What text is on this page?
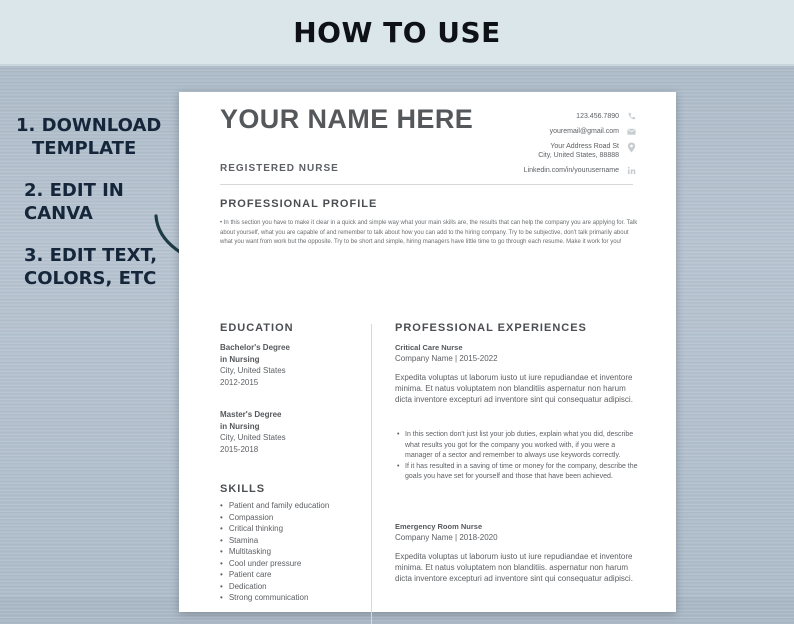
HOW TO USE
1. DOWNLOAD
TEMPLATE
2. EDIT IN
CANVA
3. EDIT TEXT,
COLORS, ETC
YOUR NAME HERE
REGISTERED NURSE
123.456.7890
youremail@gmail.com
Your Address Road St
City, United States, 88888
Linkedin.com/in/yourusername
PROFESSIONAL PROFILE
• In this section you have to make it clear in a quick and simple way what your main skills are, the results that can help the company you are applying for. Talk about yourself, what you are capable of and remember to talk about how you can add to the hiring company. Try to be subjective, don't talk primarily about what you want from work but the opposite. Try to be short and simple, hiring managers have little time to go through each resume. Make it work for you!
EDUCATION
Bachelor's Degree
in Nursing
City, United States
2012-2015
Master's Degree
in Nursing
City, United States
2015-2018
SKILLS
• Patient and family education
• Compassion
• Critical thinking
• Stamina
• Multitasking
• Cool under pressure
• Patient care
• Dedication
• Strong communication
PROFESSIONAL EXPERIENCES
Critical Care Nurse
Company Name | 2015-2022
Expedita voluptas ut laborum iusto ut iure repudiandae et inventore minima. Et natus voluptatem non blanditiis aspernatur non harum dicta inventore excepturi ad inventore sint qui consequatur adipisci.
• In this section don't just list your job duties, explain what you did, describe what results you got for the company you worked with, if you were a manager of a sector and remember to always use keywords correctly.
• If it has resulted in a saving of time or money for the company, describe the goals you have set for yourself and those that have been achieved.
Emergency Room Nurse
Company Name | 2018-2020
Expedita voluptas ut laborum iusto ut iure repudiandae et inventore minima. Et natus voluptatem non blanditiis. aspernatur non harum dicta inventore excepturi ad inventore sint qui consequatur adipisci.
